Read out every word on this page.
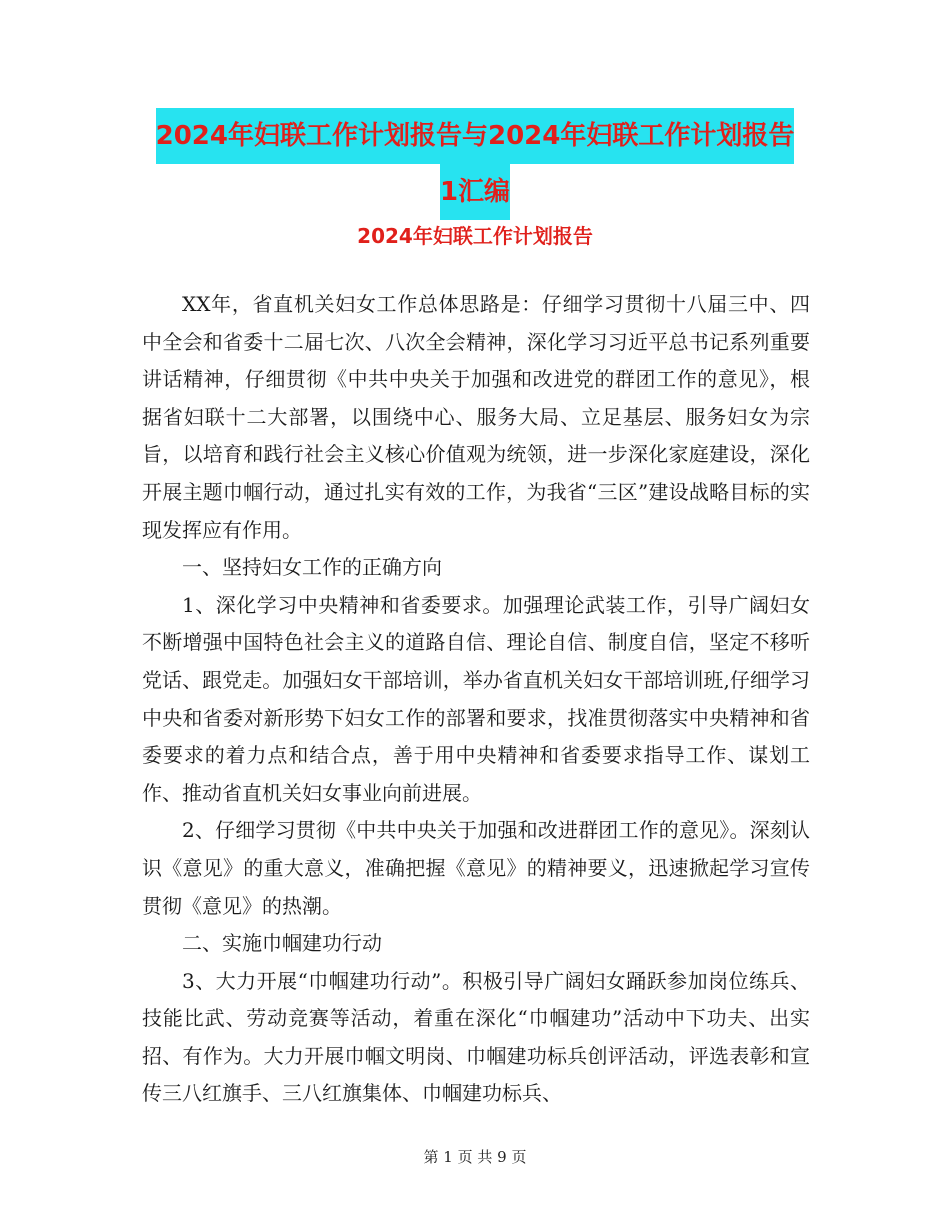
2024年妇联工作计划报告与2024年妇联工作计划报告
1汇编
2024年妇联工作计划报告

XX年，省直机关妇女工作总体思路是：仔细学习贯彻十八届三中、四中全会和省委十二届七次、八次全会精神，深化学习习近平总书记系列重要讲话精神，仔细贯彻《中共中央关于加强和改进党的群团工作的意见》，根据省妇联十二大部署，以围绕中心、服务大局、立足基层、服务妇女为宗旨，以培育和践行社会主义核心价值观为统领，进一步深化家庭建设，深化开展主题巾帼行动，通过扎实有效的工作，为我省“三区”建设战略目标的实现发挥应有作用。

一、坚持妇女工作的正确方向

1、深化学习中央精神和省委要求。加强理论武装工作，引导广阔妇女不断增强中国特色社会主义的道路自信、理论自信、制度自信，坚定不移听党话、跟党走。加强妇女干部培训，举办省直机关妇女干部培训班,仔细学习中央和省委对新形势下妇女工作的部署和要求，找准贯彻落实中央精神和省委要求的着力点和结合点，善于用中央精神和省委要求指导工作、谋划工作、推动省直机关妇女事业向前进展。

2、仔细学习贯彻《中共中央关于加强和改进群团工作的意见》。深刻认识《意见》的重大意义，准确把握《意见》的精神要义，迅速掀起学习宣传贯彻《意见》的热潮。

二、实施巾帼建功行动

3、大力开展“巾帼建功行动”。积极引导广阔妇女踊跃参加岗位练兵、技能比武、劳动竞赛等活动，着重在深化“巾帼建功”活动中下功夫、出实招、有作为。大力开展巾帼文明岗、巾帼建功标兵创评活动，评选表彰和宣传三八红旗手、三八红旗集体、巾帼建功标兵、

第 1 页 共 9 页
